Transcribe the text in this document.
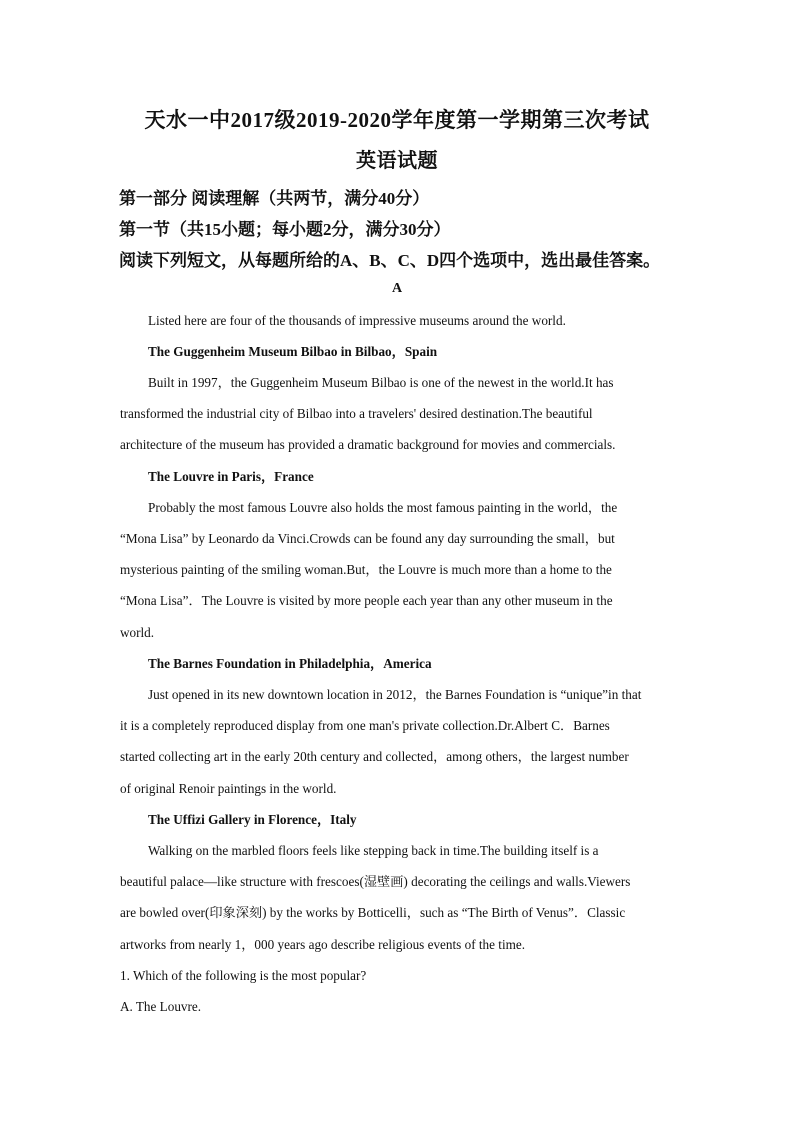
天水一中2017级2019-2020学年度第一学期第三次考试
英语试题
第一部分 阅读理解（共两节，满分40分）
第一节（共15小题；每小题2分，满分30分）
阅读下列短文，从每题所给的A、B、C、D四个选项中，选出最佳答案。
A
Listed here are four of the thousands of impressive museums around the world.
The Guggenheim Museum Bilbao in Bilbao，Spain
Built in 1997，the Guggenheim Museum Bilbao is one of the newest in the world.It has
transformed the industrial city of Bilbao into a travelers' desired destination.The beautiful
architecture of the museum has provided a dramatic background for movies and commercials.
The Louvre in Paris，France
Probably the most famous Louvre also holds the most famous painting in the world，the
“Mona Lisa” by Leonardo da Vinci.Crowds can be found any day surrounding the small，but
mysterious painting of the smiling woman.But，the Louvre is much more than a home to the
“Mona Lisa”．The Louvre is visited by more people each year than any other museum in the
world.
The Barnes Foundation in Philadelphia，America
Just opened in its new downtown location in 2012，the Barnes Foundation is “unique”in that
it is a completely reproduced display from one man's private collection.Dr.Albert C．Barnes
started collecting art in the early 20th century and collected，among others，the largest number
of original Renoir paintings in the world.
The Uffizi Gallery in Florence，Italy
Walking on the marbled floors feels like stepping back in time.The building itself is a
beautiful palace—like structure with frescoes(湿壁画) decorating the ceilings and walls.Viewers
are bowled over(印象深刻) by the works by Botticelli，such as “The Birth of Venus”．Classic
artworks from nearly 1，000 years ago describe religious events of the time.
1. Which of the following is the most popular?
A. The Louvre.
